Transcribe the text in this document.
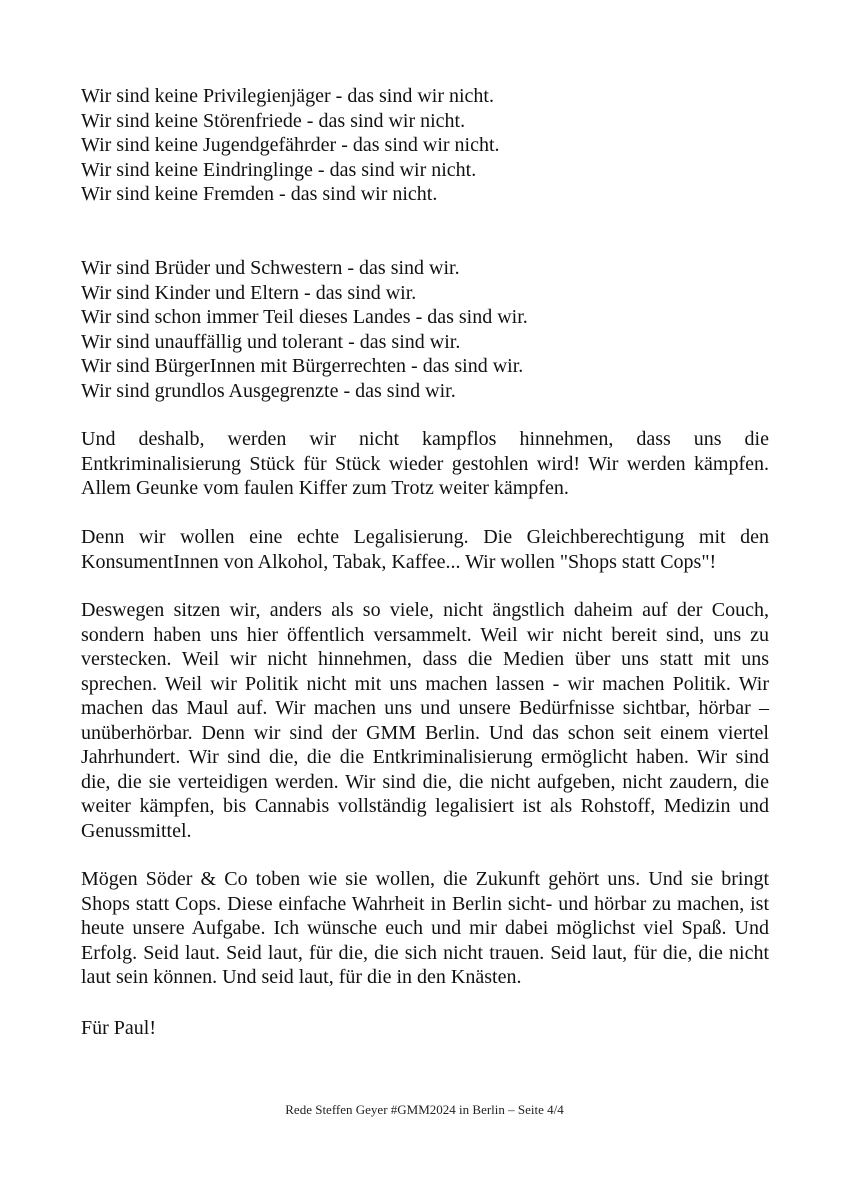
Wir sind keine Privilegienjäger - das sind wir nicht.
Wir sind keine Störenfriede - das sind wir nicht.
Wir sind keine Jugendgefährder - das sind wir nicht.
Wir sind keine Eindringlinge - das sind wir nicht.
Wir sind keine Fremden - das sind wir nicht.
Wir sind Brüder und Schwestern - das sind wir.
Wir sind Kinder und Eltern - das sind wir.
Wir sind schon immer Teil dieses Landes - das sind wir.
Wir sind unauffällig und tolerant - das sind wir.
Wir sind BürgerInnen mit Bürgerrechten - das sind wir.
Wir sind grundlos Ausgegrenzte - das sind wir.

Und deshalb, werden wir nicht kampflos hinnehmen, dass uns die Entkriminalisierung Stück für Stück wieder gestohlen wird! Wir werden kämpfen. Allem Geunke vom faulen Kiffer zum Trotz weiter kämpfen.

Denn wir wollen eine echte Legalisierung. Die Gleichberechtigung mit den KonsumentInnen von Alkohol, Tabak, Kaffee... Wir wollen "Shops statt Cops"!

Deswegen sitzen wir, anders als so viele, nicht ängstlich daheim auf der Couch, sondern haben uns hier öffentlich versammelt. Weil wir nicht bereit sind, uns zu verstecken. Weil wir nicht hinnehmen, dass die Medien über uns statt mit uns sprechen. Weil wir Politik nicht mit uns machen lassen - wir machen Politik. Wir machen das Maul auf. Wir machen uns und unsere Bedürfnisse sichtbar, hörbar – unüberhörbar. Denn wir sind der GMM Berlin. Und das schon seit einem viertel Jahrhundert. Wir sind die, die die Entkriminalisierung ermöglicht haben. Wir sind die, die sie verteidigen werden. Wir sind die, die nicht aufgeben, nicht zaudern, die weiter kämpfen, bis Cannabis vollständig legalisiert ist als Rohstoff, Medizin und Genussmittel.

Mögen Söder & Co toben wie sie wollen, die Zukunft gehört uns. Und sie bringt Shops statt Cops. Diese einfache Wahrheit in Berlin sicht- und hörbar zu machen, ist heute unsere Aufgabe. Ich wünsche euch und mir dabei möglichst viel Spaß. Und Erfolg. Seid laut. Seid laut, für die, die sich nicht trauen. Seid laut, für die, die nicht laut sein können. Und seid laut, für die in den Knästen.

Für Paul!
Rede Steffen Geyer #GMM2024 in Berlin – Seite 4/4
